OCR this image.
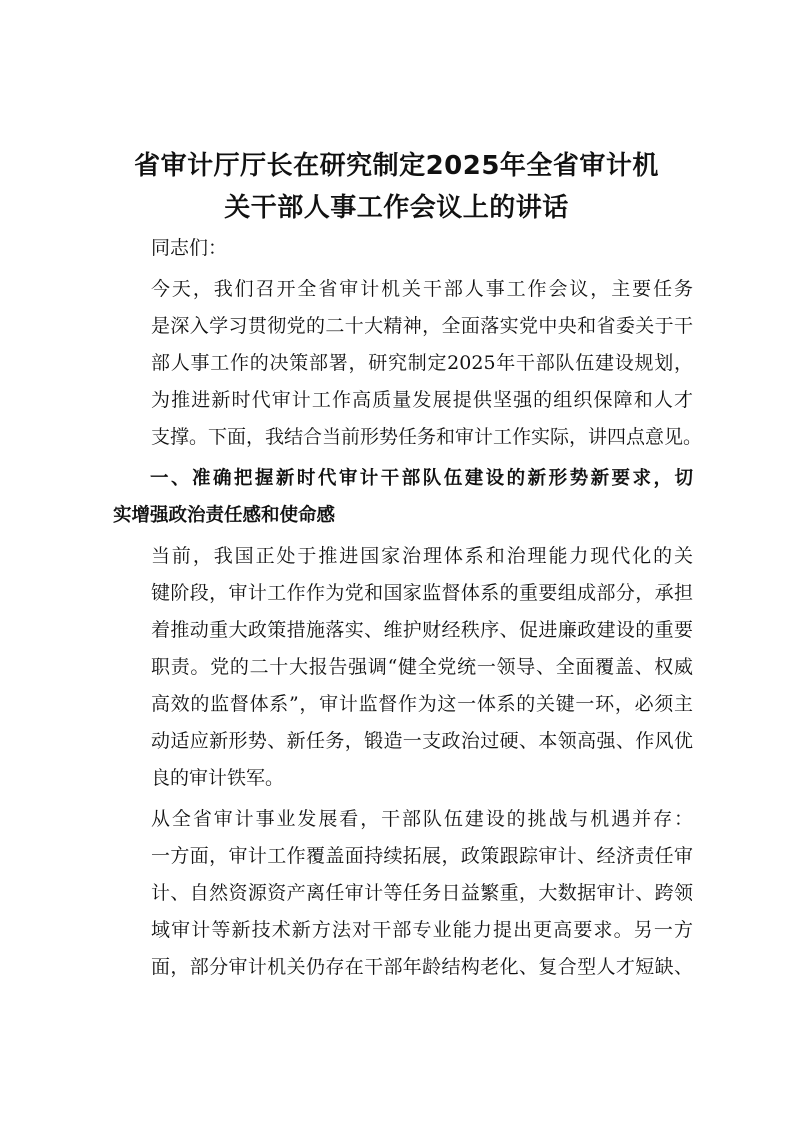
省审计厅厅长在研究制定2025年全省审计机
关干部人事工作会议上的讲话

同志们：

今天，我们召开全省审计机关干部人事工作会议，主要任务
是深入学习贯彻党的二十大精神，全面落实党中央和省委关于干
部人事工作的决策部署，研究制定2025年干部队伍建设规划，
为推进新时代审计工作高质量发展提供坚强的组织保障和人才
支撑。下面，我结合当前形势任务和审计工作实际，讲四点意见。

一、准确把握新时代审计干部队伍建设的新形势新要求，切
实增强政治责任感和使命感

当前，我国正处于推进国家治理体系和治理能力现代化的关
键阶段，审计工作作为党和国家监督体系的重要组成部分，承担
着推动重大政策措施落实、维护财经秩序、促进廉政建设的重要
职责。党的二十大报告强调“健全党统一领导、全面覆盖、权威
高效的监督体系”，审计监督作为这一体系的关键一环，必须主
动适应新形势、新任务，锻造一支政治过硬、本领高强、作风优
良的审计铁军。

从全省审计事业发展看，干部队伍建设的挑战与机遇并存：
一方面，审计工作覆盖面持续拓展，政策跟踪审计、经济责任审
计、自然资源资产离任审计等任务日益繁重，大数据审计、跨领
域审计等新技术新方法对干部专业能力提出更高要求。另一方
面，部分审计机关仍存在干部年龄结构老化、复合型人才短缺、
